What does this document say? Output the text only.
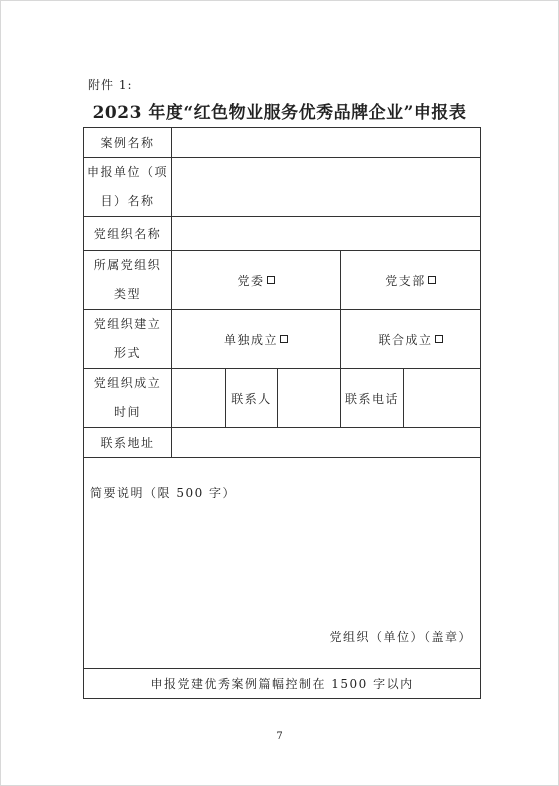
附件 1:
2023 年度“红色物业服务优秀品牌企业”申报表
案例名称					

申报单位（项
目）名称					

党组织名称					

所属党组织
类型	党委			党支部	

党组织建立
形式	单独成立			联合成立	

党组织成立
时间		联系人		联系电话	
联系地址					

简要说明（限 500 字）
党组织（单位）（盖章）					

申报党建优秀案例篇幅控制在 1500 字以内					
7
